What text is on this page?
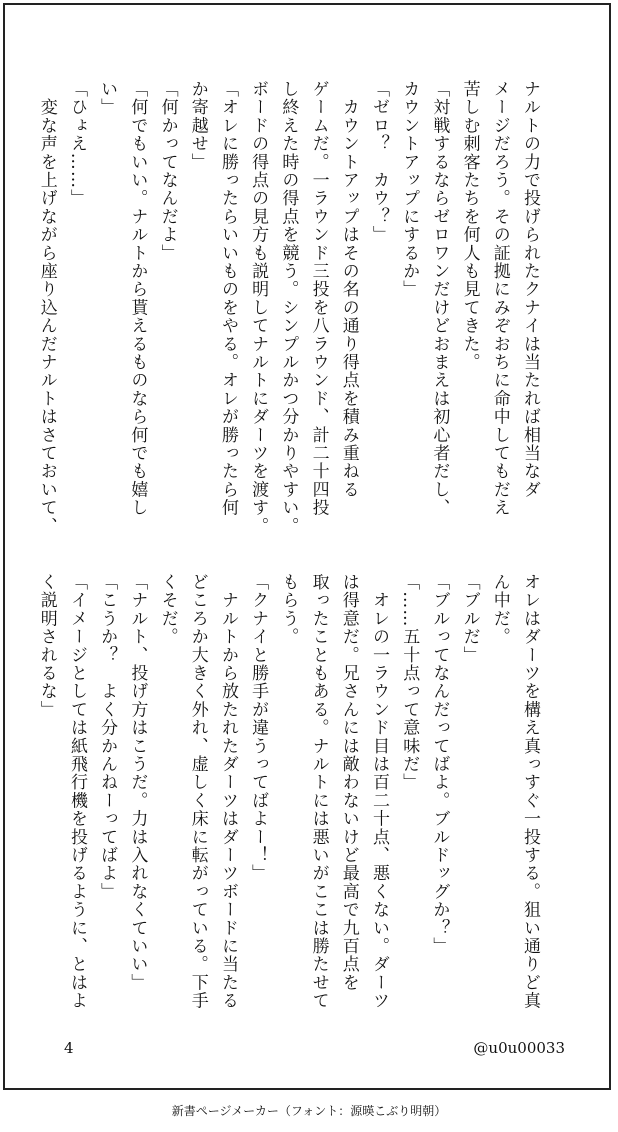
ナルトの力で投げられたクナイは当たれば相当なダ
メージだろう。その証拠にみぞおちに命中してもだえ
苦しむ刺客たちを何人も見てきた。
「対戦するならゼロワンだけどおまえは初心者だし、
カウントアップにするか」
「ゼロ？　カウ？」
　カウントアップはその名の通り得点を積み重ねる
ゲームだ。一ラウンド三投を八ラウンド、計二十四投
し終えた時の得点を競う。シンプルかつ分かりやすい。
ボードの得点の見方も説明してナルトにダーツを渡す。
「オレに勝ったらいいものをやる。オレが勝ったら何
か寄越せ」
「何かってなんだよ」
「何でもいい。ナルトから貰えるものなら何でも嬉し
い」
「ひょえ……」
　変な声を上げながら座り込んだナルトはさておいて、
オレはダーツを構え真っすぐ一投する。狙い通りど真
ん中だ。
「ブルだ」
「ブルってなんだってばよ。ブルドッグか？」
「……五十点って意味だ」
　オレの一ラウンド目は百二十点、悪くない。ダーツ
は得意だ。兄さんには敵わないけど最高で九百点を
取ったこともある。ナルトには悪いがここは勝たせて
もらう。
「クナイと勝手が違うってばよー！」
　ナルトから放たれたダーツはダーツボードに当たる
どころか大きく外れ、虚しく床に転がっている。下手
くそだ。
「ナルト、投げ方はこうだ。力は入れなくていい」
「こうか？　よく分かんねーってばよ」
「イメージとしては紙飛行機を投げるように、とはよ
く説明されるな」
4	@u0u00033
新書ページメーカー（フォント：源暎こぶり明朝）
